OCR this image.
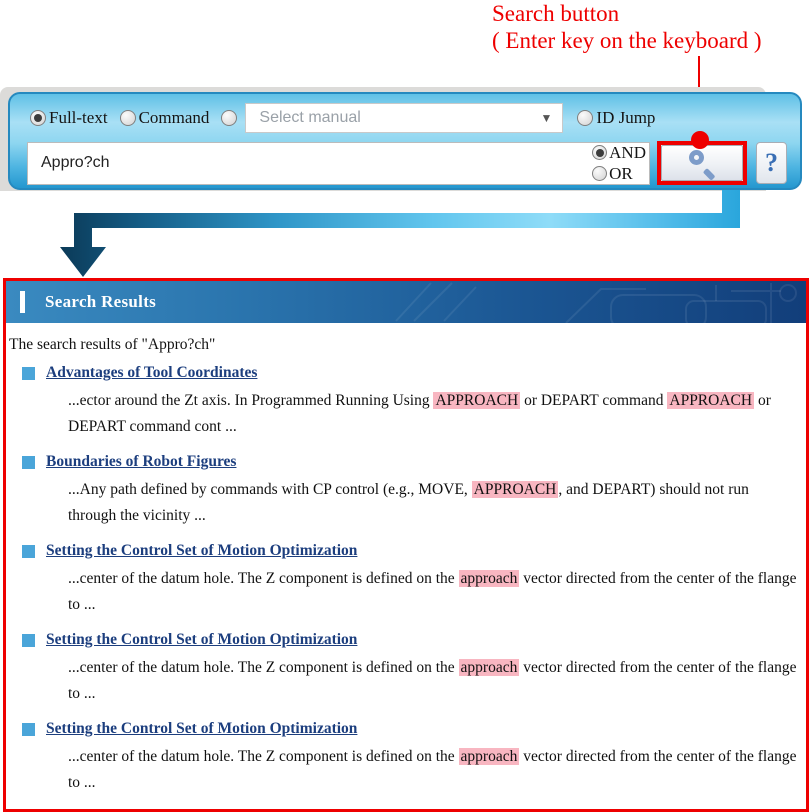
Search button
( Enter key on the keyboard )
Full-text Command	Select manual	▼	ID Jump
Appro?ch
AND
OR	?
Search Results
The search results of "Appro?ch"
Advantages of Tool Coordinates
...ector around the Zt axis. In Programmed Running Using APPROACH or DEPART command APPROACH or DEPART command cont ...
Boundaries of Robot Figures
...Any path defined by commands with CP control (e.g., MOVE, APPROACH , and DEPART) should not run through the vicinity ...
Setting the Control Set of Motion Optimization
...center of the datum hole. The Z component is defined on the approach vector directed from the center of the flange to ...
Setting the Control Set of Motion Optimization
...center of the datum hole. The Z component is defined on the approach vector directed from the center of the flange to ...
Setting the Control Set of Motion Optimization
...center of the datum hole. The Z component is defined on the approach vector directed from the center of the flange to ...
